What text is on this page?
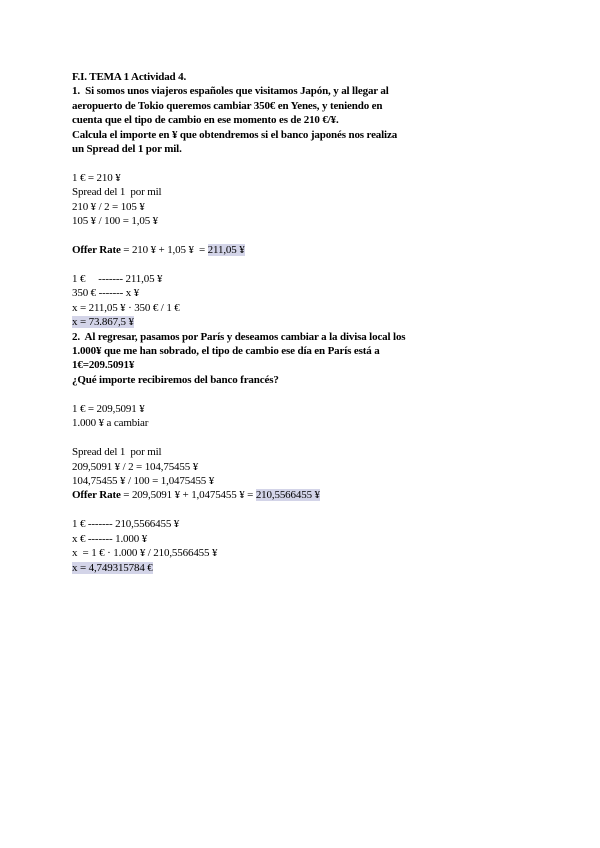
F.I. TEMA 1 Actividad 4.
1.  Si somos unos viajeros españoles que visitamos Japón, y al llegar al
aeropuerto de Tokio queremos cambiar 350€ en Yenes, y teniendo en
cuenta que el tipo de cambio en ese momento es de 210 €/¥.
Calcula el importe en ¥ que obtendremos si el banco japonés nos realiza
un Spread del 1 por mil.
1 € = 210 ¥
Spread del 1  por mil
210 ¥ / 2 = 105 ¥
105 ¥ / 100 = 1,05 ¥
Offer Rate = 210 ¥ + 1,05 ¥  = 211,05 ¥
1 €     ------- 211,05 ¥
350 € ------- x ¥
x = 211,05 ¥ · 350 € / 1 €
x = 73.867,5 ¥
2.  Al regresar, pasamos por París y deseamos cambiar a la divisa local los
1.000¥ que me han sobrado, el tipo de cambio ese día en París está a
1€=209.5091¥
¿Qué importe recibiremos del banco francés?
1 € = 209,5091 ¥
1.000 ¥ a cambiar
Spread del 1  por mil
209,5091 ¥ / 2 = 104,75455 ¥
104,75455 ¥ / 100 = 1,0475455 ¥
Offer Rate = 209,5091 ¥ + 1,0475455 ¥ = 210,5566455 ¥
1 € ------- 210,5566455 ¥
x € ------- 1.000 ¥
x  = 1 € · 1.000 ¥ / 210,5566455 ¥
x = 4,749315784 €
